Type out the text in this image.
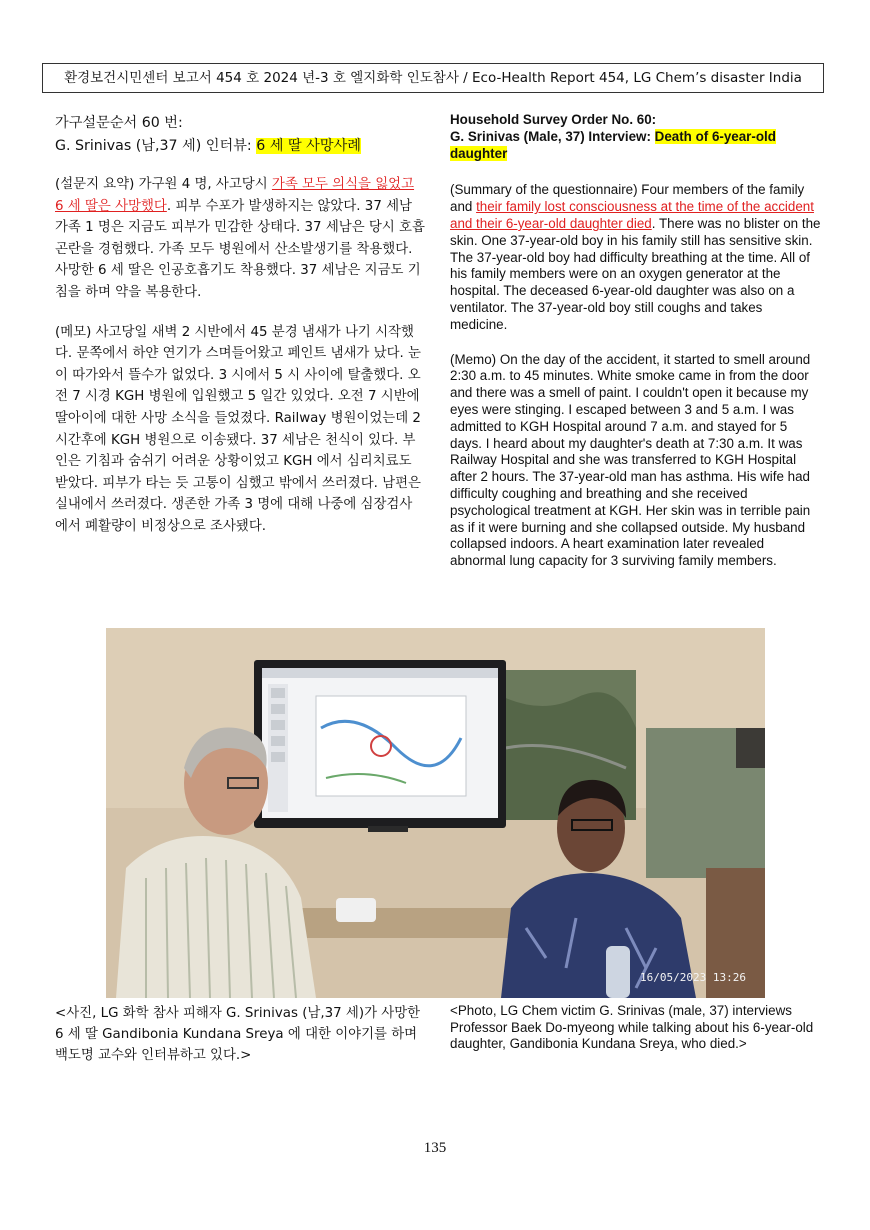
환경보건시민센터 보고서 454 호 2024 년-3 호 엘지화학 인도참사 / Eco-Health Report 454, LG Chem’s disaster India
가구설문순서 60 번:
G. Srinivas (남,37 세) 인터뷰: 6 세 딸 사망사례

(설문지 요약) 가구원 4 명, 사고당시 가족 모두 의식을 잃었고 6 세 딸은 사망했다. 피부 수포가 발생하지는 않았다. 37 세남 가족 1 명은 지금도 피부가 민감한 상태다. 37 세남은 당시 호흡곤란을 경험했다. 가족 모두 병원에서 산소발생기를 착용했다. 사망한 6 세 딸은 인공호흡기도 착용했다. 37 세남은 지금도 기침을 하며 약을 복용한다.

(메모) 사고당일 새벽 2 시반에서 45 분경 냄새가 나기 시작했다. 문쪽에서 하얀 연기가 스며들어왔고 페인트 냄새가 났다. 눈이 따가와서 뜰수가 없었다. 3 시에서 5 시 사이에 탈출했다. 오전 7 시경 KGH 병원에 입원했고 5 일간 있었다. 오전 7 시반에 딸아이에 대한 사망 소식을 들었졌다. Railway 병원이었는데 2 시간후에 KGH 병원으로 이송됐다. 37 세남은 천식이 있다. 부인은 기침과 숨쉬기 어려운 상황이었고 KGH 에서 심리치료도 받았다. 피부가 타는 듯 고통이 심했고 밖에서 쓰러졌다. 남편은 실내에서 쓰러졌다. 생존한 가족 3 명에 대해 나중에 심장검사에서 폐활량이 비정상으로 조사됐다.

Household Survey Order No. 60:
G. Srinivas (Male, 37) Interview: Death of 6-year-old daughter

(Summary of the questionnaire) Four members of the family and their family lost consciousness at the time of the accident and their 6-year-old daughter died. There was no blister on the skin. One 37-year-old boy in his family still has sensitive skin. The 37-year-old boy had difficulty breathing at the time. All of his family members were on an oxygen generator at the hospital. The deceased 6-year-old daughter was also on a ventilator. The 37-year-old boy still coughs and takes medicine.

(Memo) On the day of the accident, it started to smell around 2:30 a.m. to 45 minutes. White smoke came in from the door and there was a smell of paint. I couldn't open it because my eyes were stinging. I escaped between 3 and 5 a.m. I was admitted to KGH Hospital around 7 a.m. and stayed for 5 days. I heard about my daughter's death at 7:30 a.m. It was Railway Hospital and she was transferred to KGH Hospital after 2 hours. The 37-year-old man has asthma. His wife had difficulty coughing and breathing and she received psychological treatment at KGH. Her skin was in terrible pain as if it were burning and she collapsed outside. My husband collapsed indoors. A heart examination later revealed abnormal lung capacity for 3 surviving family members.

16/05/2023 13:26
<사진, LG 화학 참사 피해자 G. Srinivas (남,37 세)가 사망한 6 세 딸 Gandibonia Kundana Sreya 에 대한 이야기를 하며 백도명 교수와 인터뷰하고 있다.>
<Photo, LG Chem victim G. Srinivas (male, 37) interviews Professor Baek Do-myeong while talking about his 6-year-old daughter, Gandibonia Kundana Sreya, who died.>
135
